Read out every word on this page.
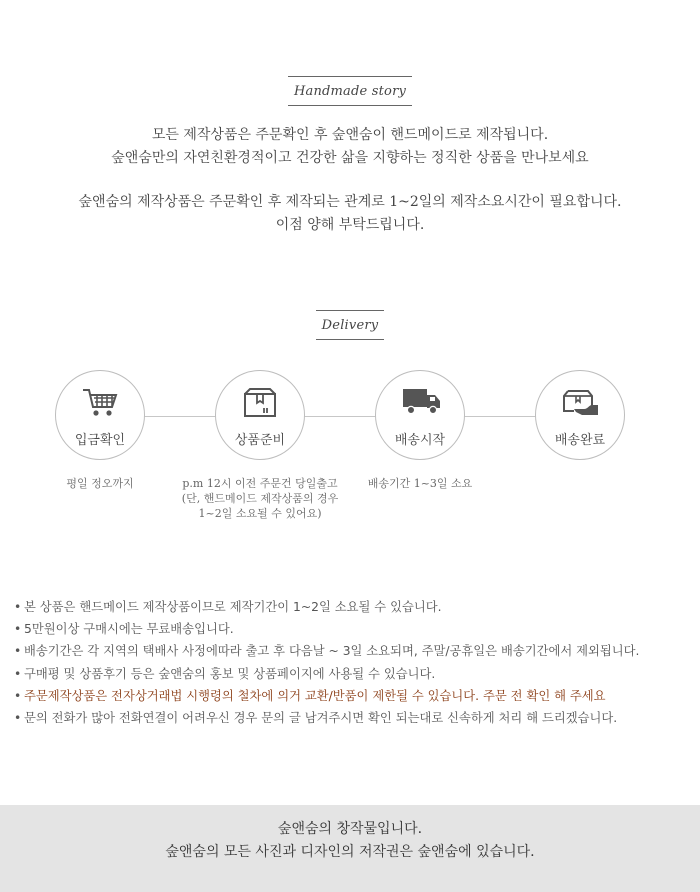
Handmade story

모든 제작상품은 주문확인 후 숲앤숨이 핸드메이드로 제작됩니다.

숲앤숨만의 자연친환경적이고 건강한 삶을 지향하는 정직한 상품을 만나보세요

숲앤숨의 제작상품은 주문확인 후 제작되는 관계로 1~2일의 제작소요시간이 필요합니다.

이점 양해 부탁드립니다.

Delivery
입금확인
평일 정오까지
상품준비
p.m 12시 이전 주문건 당일출고
(단, 핸드메이드 제작상품의 경우
1~2일 소요될 수 있어요)
배송시작
배송기간 1~3일 소요
배송완료
• 본 상품은 핸드메이드 제작상품이므로 제작기간이 1~2일 소요될 수 있습니다.
• 5만원이상 구매시에는 무료배송입니다.
• 배송기간은 각 지역의 택배사 사정에따라 출고 후 다음날 ~ 3일 소요되며, 주말/공휴일은 배송기간에서 제외됩니다.
• 구매평 및 상품후기 등은 숲앤숨의 홍보 및 상품페이지에 사용될 수 있습니다.
• 주문제작상품은 전자상거래법 시행령의 철차에 의거 교환/반품이 제한될 수 있습니다. 주문 전 확인 해 주세요
• 문의 전화가 많아 전화연결이 어려우신 경우 문의 글 남겨주시면 확인 되는대로 신속하게 처리 해 드리겠습니다.

숲앤숨의 창작물입니다.

숲앤숨의 모든 사진과 디자인의 저작권은 숲앤숨에 있습니다.
